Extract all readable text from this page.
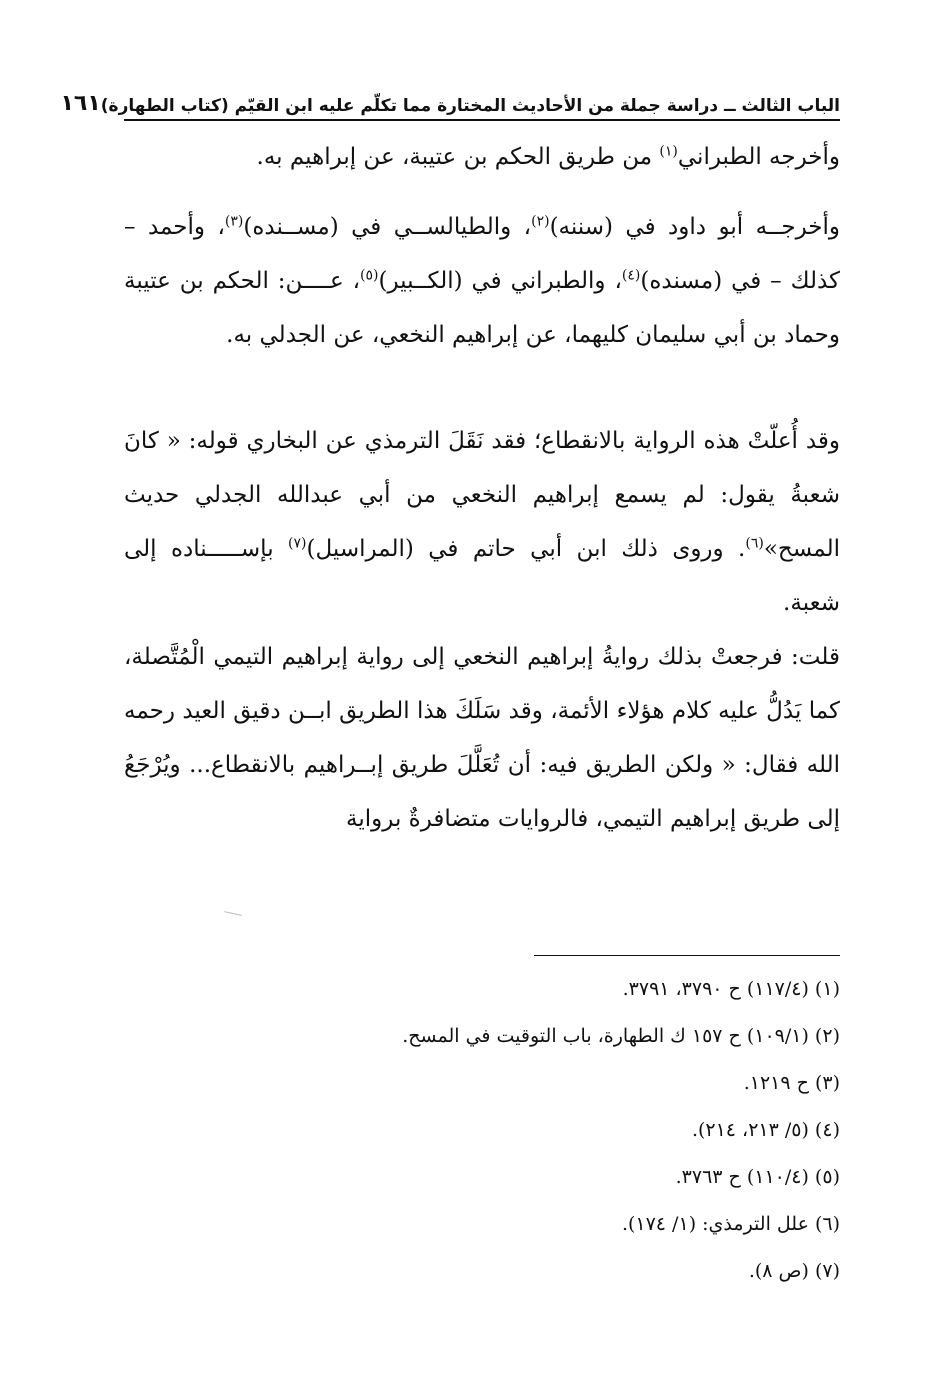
الباب الثالث ــ دراسة جملة من الأحاديث المختارة مما تكلّم عليه ابن القيّم (كتاب الطهارة)
١٦١

وأخرجه الطبراني$^{(١)}$ من طريق الحكم بن عتيبة، عن إبراهيم به.

وأخرجــه أبو داود في (سننه)$^{(٢)}$، والطيالســي في (مســنده)$^{(٣)}$، وأحمد – كذلك – في (مسنده)$^{(٤)}$، والطبراني في (الكــبير)$^{(٥)}$، عــــن: الحكم بن عتيبة وحماد بن أبي سليمان كليهما، عن إبراهيم النخعي، عن الجدلي به.

وقد أُعلّتْ هذه الرواية بالانقطاع؛ فقد نَقَلَ الترمذي عن البخاري قوله: « كانَ شعبةُ يقول: لم يسمع إبراهيم النخعي من أبي عبدالله الجدلي حديث المسح»$^{(٦)}$. وروى ذلك ابن أبي حاتم في (المراسيل)$^{(٧)}$ بإســـــناده إلى شعبة.

قلت: فرجعتْ بذلك روايةُ إبراهيم النخعي إلى رواية إبراهيم التيمي الْمُتَّصلة، كما يَدُلُّ عليه كلام هؤلاء الأئمة، وقد سَلَكَ هذا الطريق ابــن دقيق العيد رحمه الله فقال: « ولكن الطريق فيه: أن تُعَلَّلَ طريق إبــراهيم بالانقطاع... ويُرْجَعُ إلى طريق إبراهيم التيمي، فالروايات متضافرةٌ برواية

(١) (١١٧/٤) ح ٣٧٩٠، ٣٧٩١.
(٢) (١٠٩/١) ح ١٥٧ ك الطهارة، باب التوقيت في المسح.
(٣) ح ١٢١٩.
(٤) (٥/ ٢١٣، ٢١٤).
(٥) (١١٠/٤) ح ٣٧٦٣.
(٦) علل الترمذي: (١/ ١٧٤).
(٧) (ص ٨).
